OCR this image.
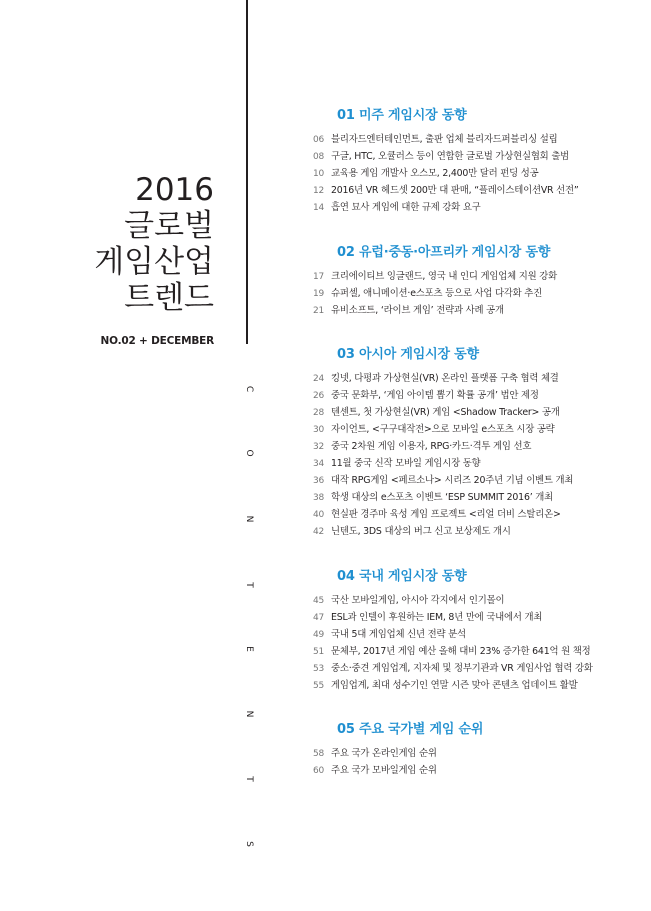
2016
글로벌
게임산업
트렌드
NO.02 + DECEMBER
C
O
N
T
E
N
T
S
01 미주 게임시장 동향
06 블리자드엔터테인먼트, 출판 업체 블리자드퍼블리싱 설립
08 구글, HTC, 오큘러스 등이 연합한 글로벌 가상현실협회 출범
10 교육용 게임 개발사 오스모, 2,400만 달러 펀딩 성공
12 2016년 VR 헤드셋 200만 대 판매, “플레이스테이션VR 선전”
14 흡연 묘사 게임에 대한 규제 강화 요구
02 유럽·중동·아프리카 게임시장 동향
17 크리에이티브 잉글랜드, 영국 내 인디 게임업체 지원 강화
19 슈퍼셀, 애니메이션·e스포츠 등으로 사업 다각화 추진
21 유비소프트, ‘라이브 게임’ 전략과 사례 공개
03 아시아 게임시장 동향
24 킹넷, 다평과 가상현실(VR) 온라인 플랫폼 구축 협력 체결
26 중국 문화부, ‘게임 아이템 뽑기 확률 공개’ 법안 제정
28 텐센트, 첫 가상현실(VR) 게임 <Shadow Tracker> 공개
30 자이언트, <구구대작전>으로 모바일 e스포츠 시장 공략
32 중국 2차원 게임 이용자, RPG·카드·격투 게임 선호
34 11월 중국 신작 모바일 게임시장 동향
36 대작 RPG게임 <페르소나> 시리즈 20주년 기념 이벤트 개최
38 학생 대상의 e스포츠 이벤트 ‘ESP SUMMIT 2016’ 개최
40 현실판 경주마 육성 게임 프로젝트 <리얼 더비 스탈리온>
42 닌텐도, 3DS 대상의 버그 신고 보상제도 개시
04 국내 게임시장 동향
45 국산 모바일게임, 아시아 각지에서 인기몰이
47 ESL과 인텔이 후원하는 IEM, 8년 만에 국내에서 개최
49 국내 5대 게임업체 신년 전략 분석
51 문체부, 2017년 게임 예산 올해 대비 23% 증가한 641억 원 책정
53 중소·중견 게임업계, 지자체 및 정부기관과 VR 게임사업 협력 강화
55 게임업계, 최대 성수기인 연말 시즌 맞아 콘텐츠 업데이트 활발
05 주요 국가별 게임 순위
58 주요 국가 온라인게임 순위
60 주요 국가 모바일게임 순위
